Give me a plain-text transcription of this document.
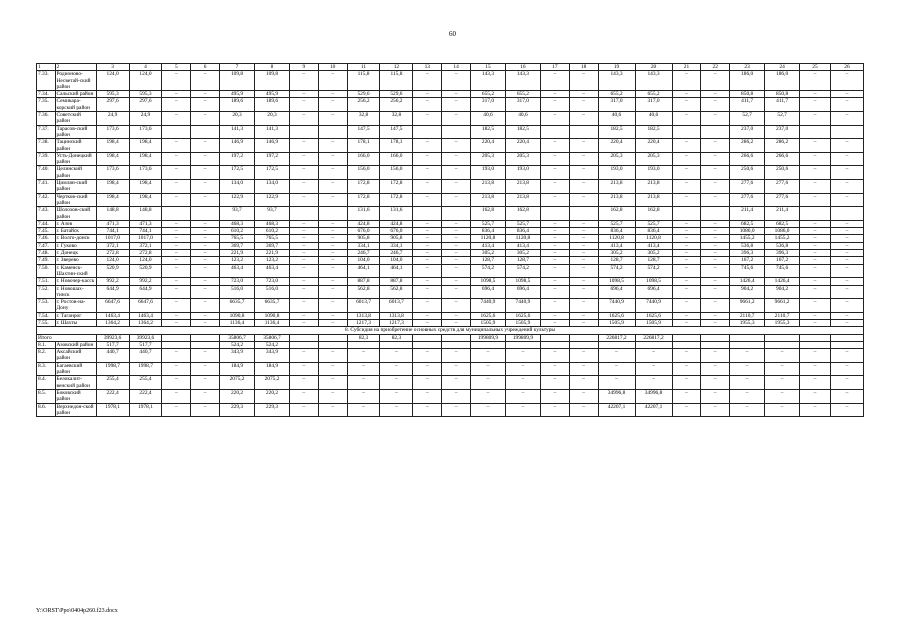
60
1	2	3	4	5	6	7	8	9	10	11	12	13	14	15	16	17	18	19	20	21	22	23	24	25	26
7.33.	Родионово-Несветай-ский район	124,0	124,0	–	–	109,8	109,8	–	–	115,8	115,8	–	–	143,3	143,3	–	–	143,3	143,3	–	–	186,0	186,0	–	–
7.34.	Сальский район	595,3	595,3	–	–	495,9	495,9	–	–	529,6	529,6	–	–	655,2	655,2	–	–	655,2	655,2	–	–	850,8	850,8	–	–
7.35.	Семикара-корский район	297,6	297,6	–	–	189,6	189,6	–	–	256,2	256,2	–	–	317,0	317,0	–	–	317,0	317,0	–	–	411,7	411,7	–	–
7.36.	Советский район	24,9	24,9	–	–	20,3	20,3	–	–	32,8	32,8	–	–	40,6	40,6	–	–	40,6	40,6	–	–	52,7	52,7	–	–
7.37.	Тарасов-ский район	173,6	173,6			141,3	141,3			147,5	147,5			182,5	182,5			182,5	182,5			237,0	237,0		
7.38.	Тацинский район	198,4	198,4	–	–	146,9	146,9	–	–	178,1	178,1	–	–	220,4	220,4	–	–	220,4	220,4	–	–	286,2	286,2	–	–
7.39.	Усть-Донецкий район	198,4	198,4	–	–	197,2	197,2	–	–	166,0	166,0	–	–	205,3	205,3	–	–	205,3	205,3	–	–	266,6	266,6	–	–
7.40.	Целинский район	173,6	173,6	–	–	172,5	172,5	–	–	156,0	156,0	–	–	193,0	193,0	–	–	193,0	193,0	–	–	250,6	250,6	–	–
7.41.	Цимлян-ский район	198,4	198,4	–	–	134,0	134,0	–	–	172,8	172,8	–	–	213,8	213,8	–	–	213,8	213,8	–	–	277,6	277,6	–	–
7.42.	Чертков-ский район	198,4	198,4	–	–	122,9	122,9	–	–	172,8	172,8	–	–	213,8	213,8	–	–	213,8	213,8	–	–	277,6	277,6	–	–
7.43.	Шолохов-ский район	148,8	148,8			93,7	93,7			131,6	131,6			162,8	162,8			162,8	162,8			211,4	211,4		
7.44.	г. Азов	471,3	471,3	–	–	468,3	468,3	–	–	424,8	424,8	–	–	525,7	525,7	–	–	525,7	525,7	–	–	682,5	682,5	–	–
7.45.	г. Батайск	744,1	744,1	–	–	610,2	610,2	–	–	676,0	676,0	–	–	836,4	836,4	–	–	836,4	836,4	–	–	1086,0	1086,0	–	–
7.46.	г. Волго-донск	1017,0	1017,0	–	–	765,5	765,5	–	–	905,8	905,8	–	–	1120,8	1120,8	–	–	1120,8	1120,8	–	–	1455,2	1455,2	–	–
7.47.	г. Гуково	372,1	372,1	–	–	369,7	369,7	–	–	334,1	334,1	–	–	413,4	413,4	–	–	413,4	413,4	–	–	536,8	536,8	–	–
7.48.	г. Донецк	272,8	272,8	–	–	221,9	221,9	–	–	246,7	246,7	–	–	305,2	305,2	–	–	305,2	305,2	–	–	396,3	396,3	–	–
7.49.	г. Зверево	124,0	124,0	–	–	123,2	123,2	–	–	104,0	104,0	–	–	128,7	128,7	–	–	128,7	128,7	–	–	167,2	167,2	–	–
7.50.	г. Каменск-Шахтин-ский	520,9	520,9	–	–	463,4	463,4	–	–	464,1	464,1	–	–	574,2	574,2	–	–	574,2	574,2	–	–	745,6	745,6	–	–
7.51.	г. Новочер-касск	992,2	992,2	–	–	723,0	723,0	–	–	887,8	887,8	–	–	1098,5	1098,5	–	–	1098,5	1098,5	–	–	1426,4	1426,4	–	–
7.52.	г. Новошах-тинск	644,9	644,9	–	–	516,0	516,0	–	–	562,8	562,8	–	–	696,4	696,4	–	–	696,4	696,4	–	–	904,2	904,2	–	–
7.53.	г. Ростов-на-Дону	6647,6	6647,6	–	–	6635,7	6635,7	–	–	6013,7	6013,7	–	–	7440,9	7440,9	–	–	7440,9	7440,9	–	–	9661,2	9661,2	–	–
7.54.	г. Таганрог	1463,4	1463,4	–	–	1090,8	1090,8	–	–	1313,8	1313,8	–	–	1625,6	1625,6	–	–	1625,6	1625,6	–	–	2110,7	2110,7	–	–
7.55.	г. Шахты	1364,2	1364,2	–	–	1136,4	1136,4	–	–	1217,3	1217,3	–	–	1505,9	1505,9	–	–	1505,9	1505,9	–	–	1955,3	1955,3	–	–
8. Субсидия на приобретение основных средств для муниципальных учреждений культуры																									
Итого		39923,6	39923,6			35806,7	35806,7			82,3	82,3			199809,9	199809,9			226817,2	226817,2						
8.1.	Азовский район	517,7	517,7			524,2	524,2																		
8.2.	Аксайский район	440,7	440,7	–	–	343,9	343,9	–	–	–	–	–	–	–	–	–	–	–	–	–	–	–	–	–	–
8.3.	Багаевский район	1998,7	1998,7	–	–	184,9	184,9	–	–	–	–	–	–	–	–	–	–	–	–	–	–	–	–	–	–
8.4.	Белокалит-венский район	255,4	255,4	–	–	2075,2	2075,2	–	–	–	–	–	–	–	–	–	–	–	–	–	–	–	–	–	–
8.5.	Боковский район	222,4	222,4	–	–	220,2	220,2	–	–	–	–	–	–	–	–	–	–	34996,8	34996,8	–	–	–	–	–	–
8.6.	Верхнедон-ской район	1978,1	1978,1	–	–	229,3	229,3	–	–	–	–	–	–	–	–	–	–	42207,1	42207,1	–	–	–	–	–	–
Y:\ORST\Ppo\0404p260.f23.docx
